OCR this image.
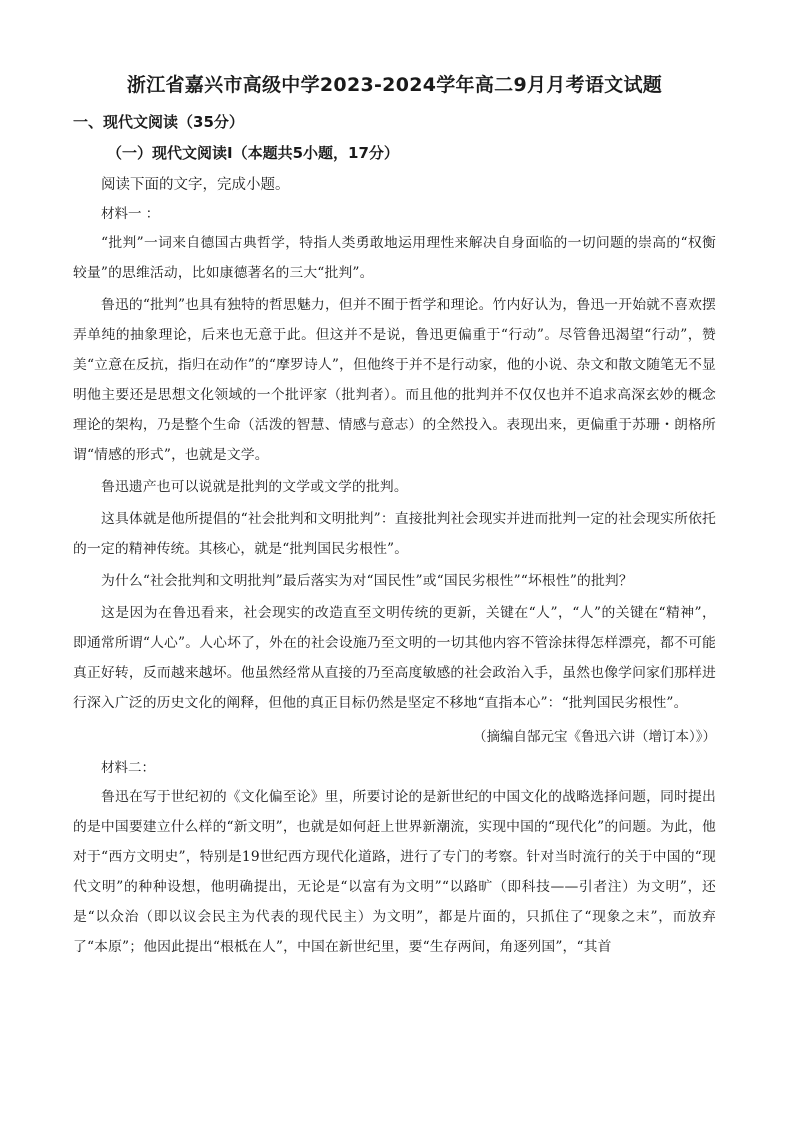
浙江省嘉兴市高级中学2023-2024学年高二9月月考语文试题
一、现代文阅读（35分）
（一）现代文阅读Ⅰ（本题共5小题，17分）
阅读下面的文字，完成小题。
材料一 ：

“批判”一词来自德国古典哲学，特指人类勇敢地运用理性来解决自身面临的一切问题的崇高的“权衡较量”的思维活动，比如康德著名的三大“批判”。

鲁迅的“批判”也具有独特的哲思魅力，但并不囿于哲学和理论。竹内好认为，鲁迅一开始就不喜欢摆弄单纯的抽象理论，后来也无意于此。但这并不是说，鲁迅更偏重于“行动”。尽管鲁迅渴望“行动”，赞美“立意在反抗，指归在动作”的“摩罗诗人”，但他终于并不是行动家，他的小说、杂文和散文随笔无不显明他主要还是思想文化领域的一个批评家（批判者）。而且他的批判并不仅仅也并不追求高深玄妙的概念理论的架构，乃是整个生命（活泼的智慧、情感与意志）的全然投入。表现出来，更偏重于苏珊・朗格所谓“情感的形式”，也就是文学。

鲁迅遗产也可以说就是批判的文学或文学的批判。

这具体就是他所提倡的“社会批判和文明批判”：直接批判社会现实并进而批判一定的社会现实所依托的一定的精神传统。其核心，就是“批判国民劣根性”。

为什么“社会批判和文明批判”最后落实为对“国民性”或“国民劣根性”“坏根性”的批判？

这是因为在鲁迅看来，社会现实的改造直至文明传统的更新，关键在“人”，“人”的关键在“精神”，即通常所谓“人心”。人心坏了，外在的社会设施乃至文明的一切其他内容不管涂抹得怎样漂亮，都不可能真正好转，反而越来越坏。他虽然经常从直接的乃至高度敏感的社会政治入手，虽然也像学问家们那样进行深入广泛的历史文化的阐释，但他的真正目标仍然是坚定不移地“直指本心”：“批判国民劣根性”。

（摘编自郜元宝《鲁迅六讲（增订本）》）
材料二：

鲁迅在写于世纪初的《文化偏至论》里，所要讨论的是新世纪的中国文化的战略选择问题，同时提出的是中国要建立什么样的“新文明”，也就是如何赶上世界新潮流，实现中国的“现代化”的问题。为此，他对于“西方文明史”，特别是19世纪西方现代化道路，进行了专门的考察。针对当时流行的关于中国的“现代文明”的种种设想，他明确提出，无论是“以富有为文明”“以路旷（即科技——引者注）为文明”，还是“以众治（即以议会民主为代表的现代民主）为文明”，都是片面的，只抓住了“现象之末”，而放弃了“本原”；他因此提出“根柢在人”，中国在新世纪里，要“生存两间，角逐列国”，“其首
